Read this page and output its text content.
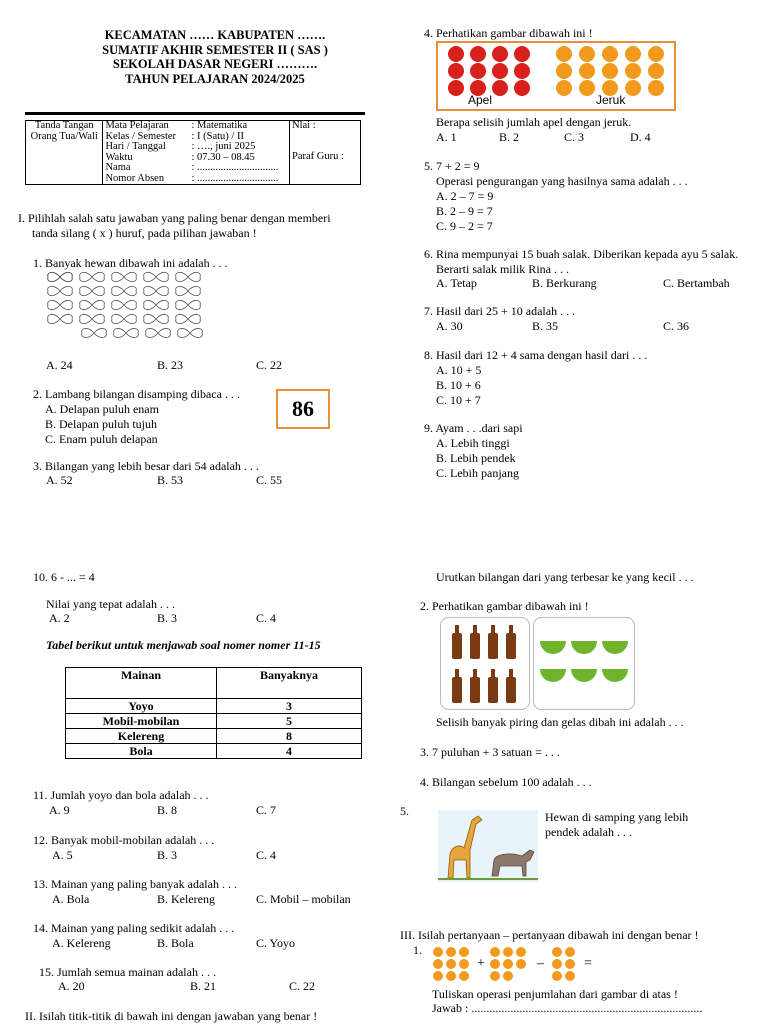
KECAMATAN …… KABUPATEN …….
SUMATIF AKHIR SEMESTER II ( SAS )
SEKOLAH DASAR NEGERI ……….
TAHUN PELAJARAN 2024/2025
Tanda Tangan
Orang Tua/Wali

Mata Pelajaran	: Matematika
Kelas / Semester	: I (Satu) / II
Hari / Tanggal	: …., juni 2025
Waktu	: 07.30 – 08.45
Nama	: ...............................
Nomor Absen	: ...............................

Nlai :
Paraf Guru :
I. Pilihlah salah satu jawaban yang paling benar dengan memberi
tanda silang ( x ) huruf, pada pilihan jawaban !
1. Banyak hewan dibawah ini adalah . . .
A. 24	B. 23	C. 22
2. Lambang bilangan disamping dibaca . . .
A. Delapan puluh enam
B. Delapan puluh tujuh
C. Enam puluh delapan
86
3. Bilangan yang lebih besar dari 54 adalah . . .
A. 52	B. 53	C. 55
4. Perhatikan gambar dibawah ini !
Apel	Jeruk
Berapa selisih jumlah apel dengan jeruk.
A. 1	B. 2	C. 3	D. 4
5. 7 + 2 = 9
Operasi pengurangan yang hasilnya sama adalah . . .
A. 2 – 7 = 9
B. 2 – 9 = 7
C. 9 – 2 = 7
6. Rina mempunyai 15 buah salak. Diberikan kepada ayu 5 salak.
Berarti salak milik Rina . . .
A. Tetap	B. Berkurang	C. Bertambah
7. Hasil dari 25 + 10 adalah . . .
A. 30	B. 35	C. 36
8. Hasil dari 12 + 4 sama dengan hasil dari . . .
A. 10 + 5
B. 10 + 6
C. 10 + 7
9. Ayam . . .dari sapi
A. Lebih tinggi
B. Lebih pendek
C. Lebih panjang
10. 6 - ... = 4
Nilai yang tepat adalah . . .
A. 2	B. 3	C. 4
Tabel berikut untuk menjawab soal nomer nomer 11-15
Mainan	Banyaknya
Yoyo	3
Mobil-mobilan	5
Kelereng	8
Bola	4
11. Jumlah yoyo dan bola adalah . . .
A. 9	B. 8	C. 7
12. Banyak mobil-mobilan adalah . . .
A. 5	B. 3	C. 4
13. Mainan yang paling banyak adalah . . .
A. Bola	B. Kelereng	C. Mobil – mobilan
14. Mainan yang paling sedikit adalah . . .
A. Kelereng	B. Bola	C. Yoyo
15. Jumlah semua mainan adalah . . .
A. 20	B. 21	C. 22
II. Isilah titik-titik di bawah ini dengan jawaban yang benar !
Urutkan bilangan dari yang terbesar ke yang kecil . . .
2. Perhatikan gambar dibawah ini !
Selisih banyak piring dan gelas dibah ini adalah . . .
3. 7 puluhan + 3 satuan = . . .
4. Bilangan sebelum 100 adalah . . .
5.	Hewan di samping yang lebih
pendek adalah . . .
III. Isilah pertanyaan – pertanyaan dibawah ini dengan benar !
1.
+	–	=
Tuliskan operasi penjumlahan dari gambar di atas !
Jawab : .............................................................................
